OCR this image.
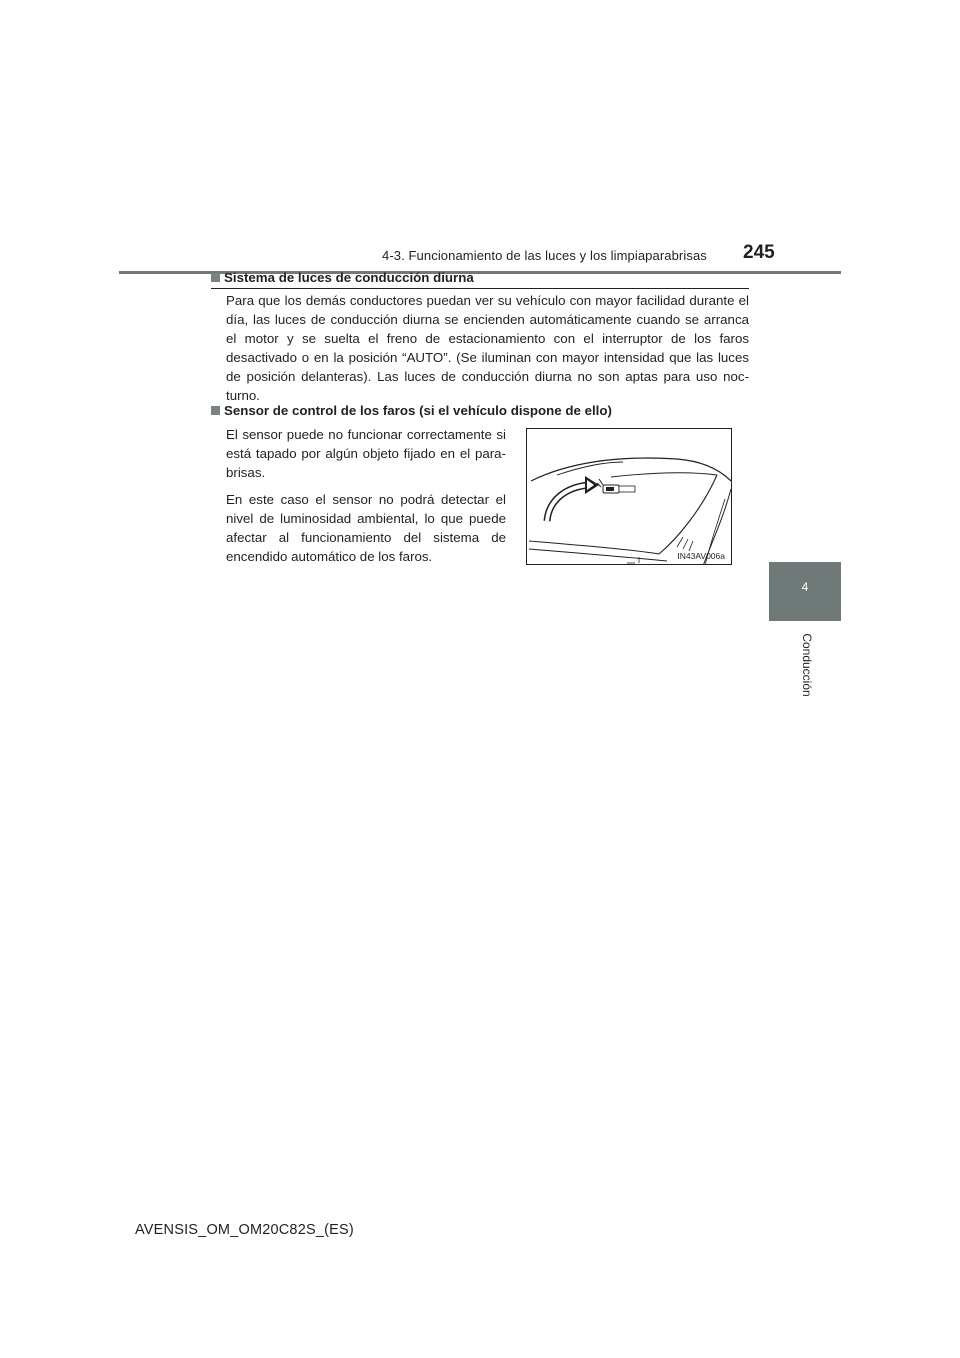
4-3. Funcionamiento de las luces y los limpiaparabrisas 245

Sistema de luces de conducción diurna

Para que los demás conductores puedan ver su vehículo con mayor facilidad durante el día, las luces de conducción diurna se encienden automáticamente cuando se arranca el motor y se suelta el freno de estacionamiento con el interruptor de los faros desactivado o en la posición “AUTO”. (Se iluminan con mayor intensidad que las luces de posición delanteras). Las luces de conducción diurna no son aptas para uso noc-turno.

Sensor de control de los faros (si el vehículo dispone de ello)

El sensor puede no funcionar correctamente si está tapado por algún objeto fijado en el para-brisas.

En este caso el sensor no podrá detectar el nivel de luminosidad ambiental, lo que puede afectar al funcionamiento del sistema de encendido automático de los faros.	IN43AV006a
4
Conducción
AVENSIS_OM_OM20C82S_(ES)
